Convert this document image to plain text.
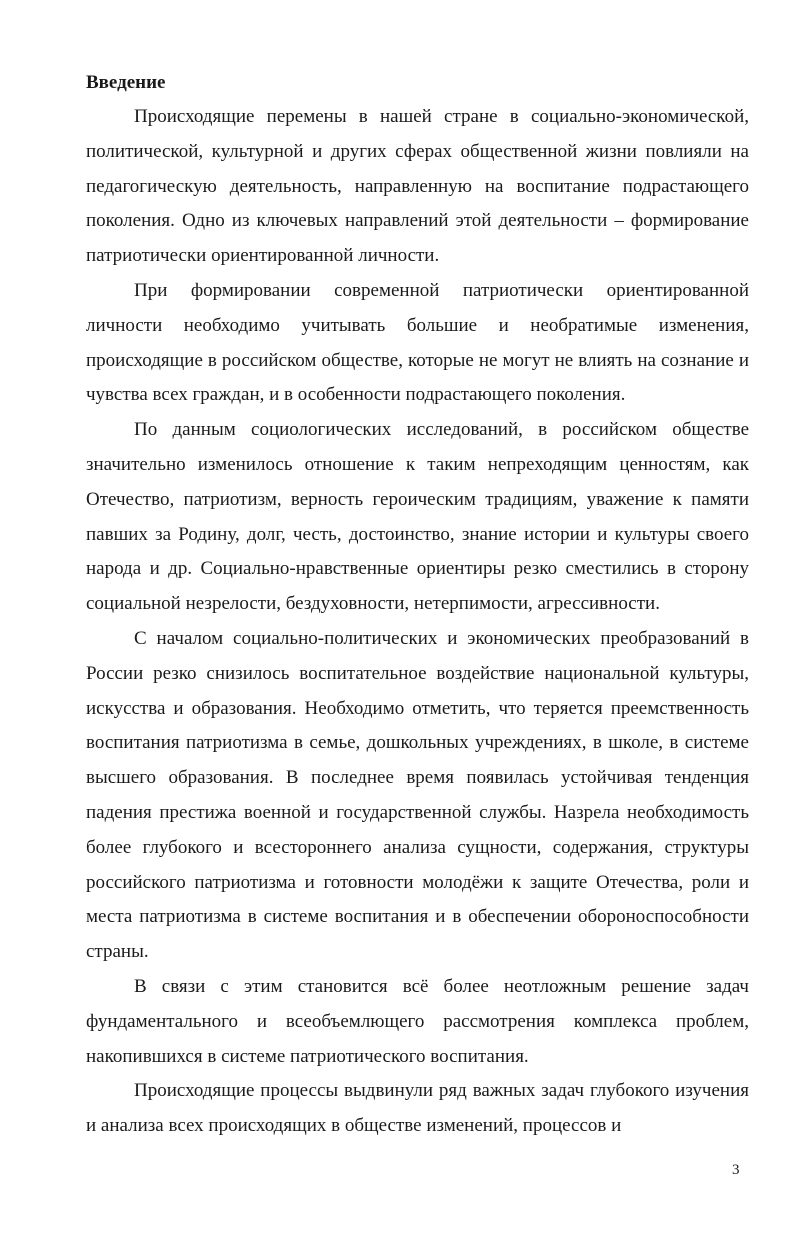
Введение

Происходящие перемены в нашей стране в социально-экономической, политической, культурной и других сферах общественной жизни повлияли на педагогическую деятельность, направленную на воспитание подрастающего поколения. Одно из ключевых направлений этой деятельности – формирование патриотически ориентированной личности.

При формировании современной патриотически ориентированной личности необходимо учитывать большие и необратимые изменения, происходящие в российском обществе, которые не могут не влиять на сознание и чувства всех граждан, и в особенности подрастающего поколения.

По данным социологических исследований, в российском обществе значительно изменилось отношение к таким непреходящим ценностям, как Отечество, патриотизм, верность героическим традициям, уважение к памяти павших за Родину, долг, честь, достоинство, знание истории и культуры своего народа и др. Социально-нравственные ориентиры резко сместились в сторону социальной незрелости, бездуховности, нетерпимости, агрессивности.

С началом социально-политических и экономических преобразований в России резко снизилось воспитательное воздействие национальной культуры, искусства и образования. Необходимо отметить, что теряется преемственность воспитания патриотизма в семье, дошкольных учреждениях, в школе, в системе высшего образования. В последнее время появилась устойчивая тенденция падения престижа военной и государственной службы. Назрела необходимость более глубокого и всестороннего анализа сущности, содержания, структуры российского патриотизма и готовности молодёжи к защите Отечества, роли и места патриотизма в системе воспитания и в обеспечении обороноспособности страны.

В связи с этим становится всё более неотложным решение задач фундаментального и всеобъемлющего рассмотрения комплекса проблем, накопившихся в системе патриотического воспитания.

Происходящие процессы выдвинули ряд важных задач глубокого изучения и анализа всех происходящих в обществе изменений, процессов и

3
